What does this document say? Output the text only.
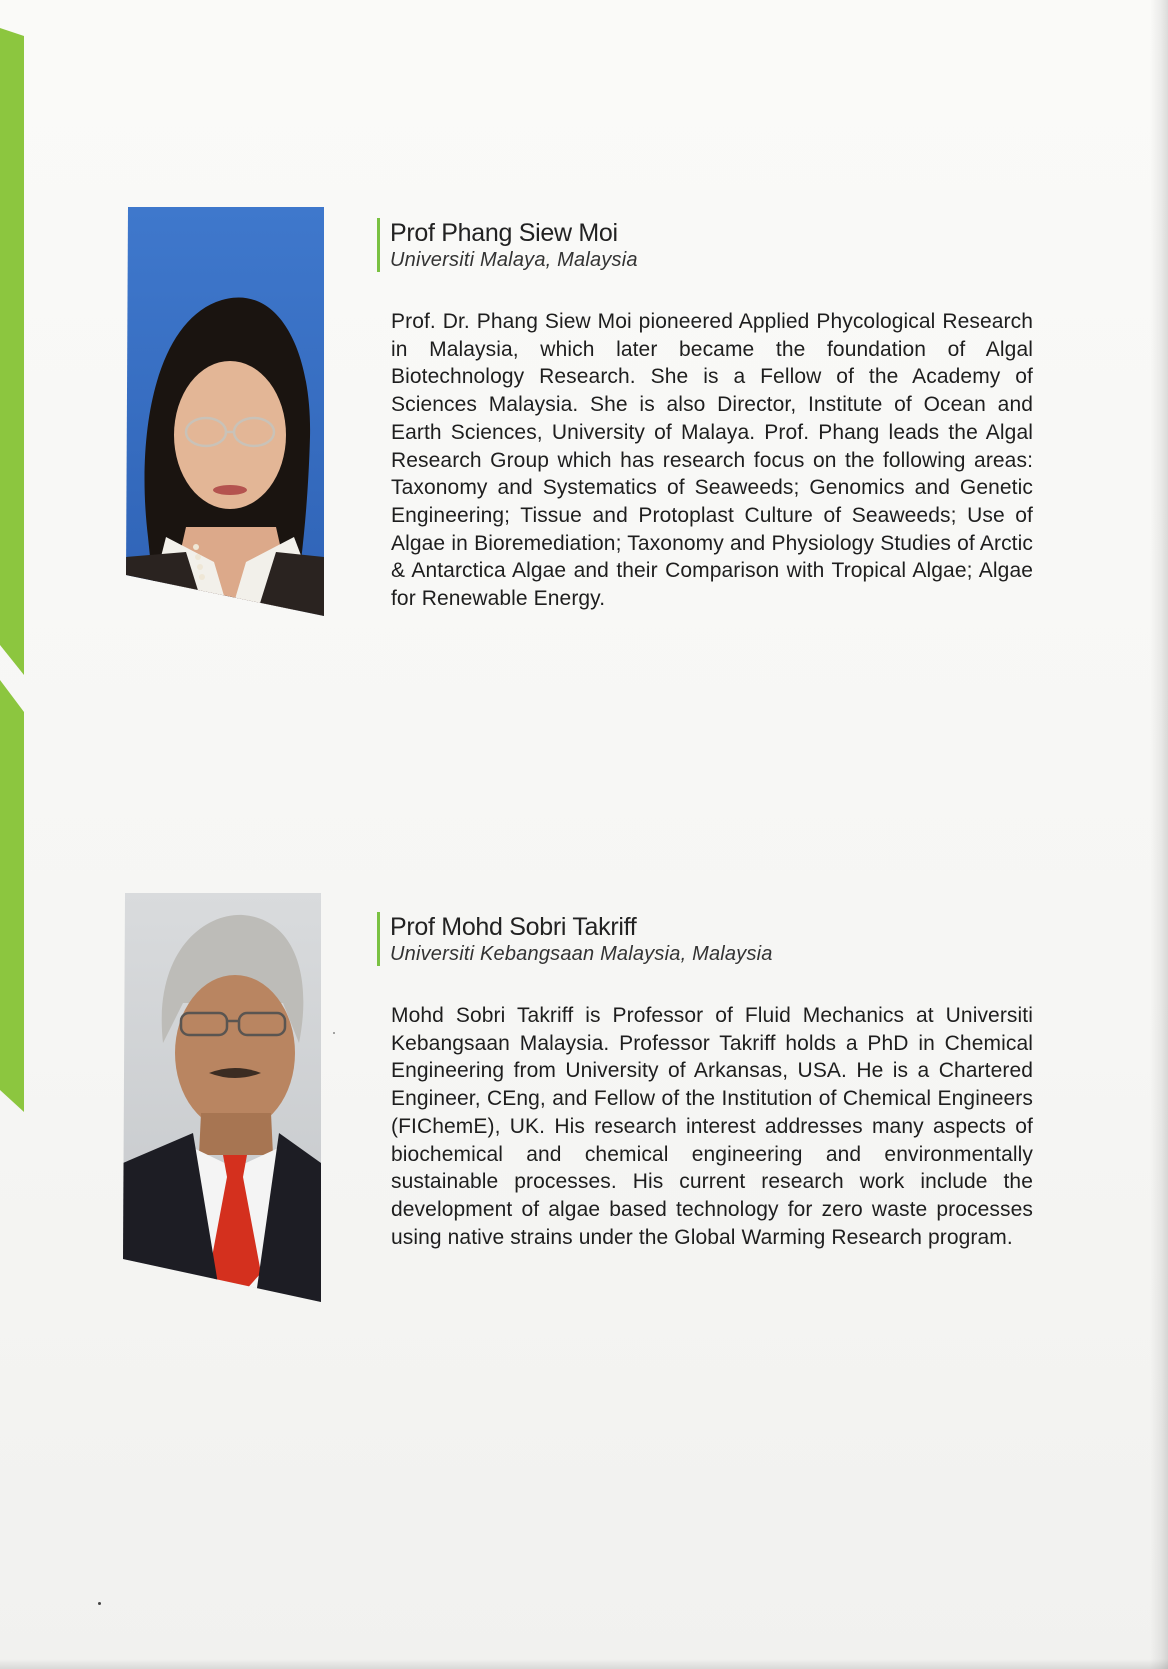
Prof Phang Siew Moi
Universiti Malaya, Malaysia
Prof. Dr. Phang Siew Moi pioneered Applied Phycological Research in Malaysia, which later became the foundation of Algal Biotechnology Research. She is a Fellow of the Academy of Sciences Malaysia. She is also Director, Institute of Ocean and Earth Sciences, University of Malaya. Prof. Phang leads the Algal Research Group which has research focus on the following areas: Taxonomy and Systematics of Seaweeds; Genomics and Genetic Engineering; Tissue and Protoplast Culture of Seaweeds; Use of Algae in Bioremediation; Taxonomy and Physiology Studies of Arctic & Antarctica Algae and their Comparison with Tropical Algae; Algae for Renewable Energy.
Prof Mohd Sobri Takriff
Universiti Kebangsaan Malaysia, Malaysia
Mohd Sobri Takriff is Professor of Fluid Mechanics at Universiti Kebangsaan Malaysia. Professor Takriff holds a PhD in Chemical Engineering from University of Arkansas, USA. He is a Chartered Engineer, CEng, and Fellow of the Institution of Chemical Engineers (FIChemE), UK. His research interest addresses many aspects of biochemical and chemical engineering and environmentally sustainable processes. His current research work include the development of algae based technology for zero waste processes using native strains under the Global Warming Research program.
